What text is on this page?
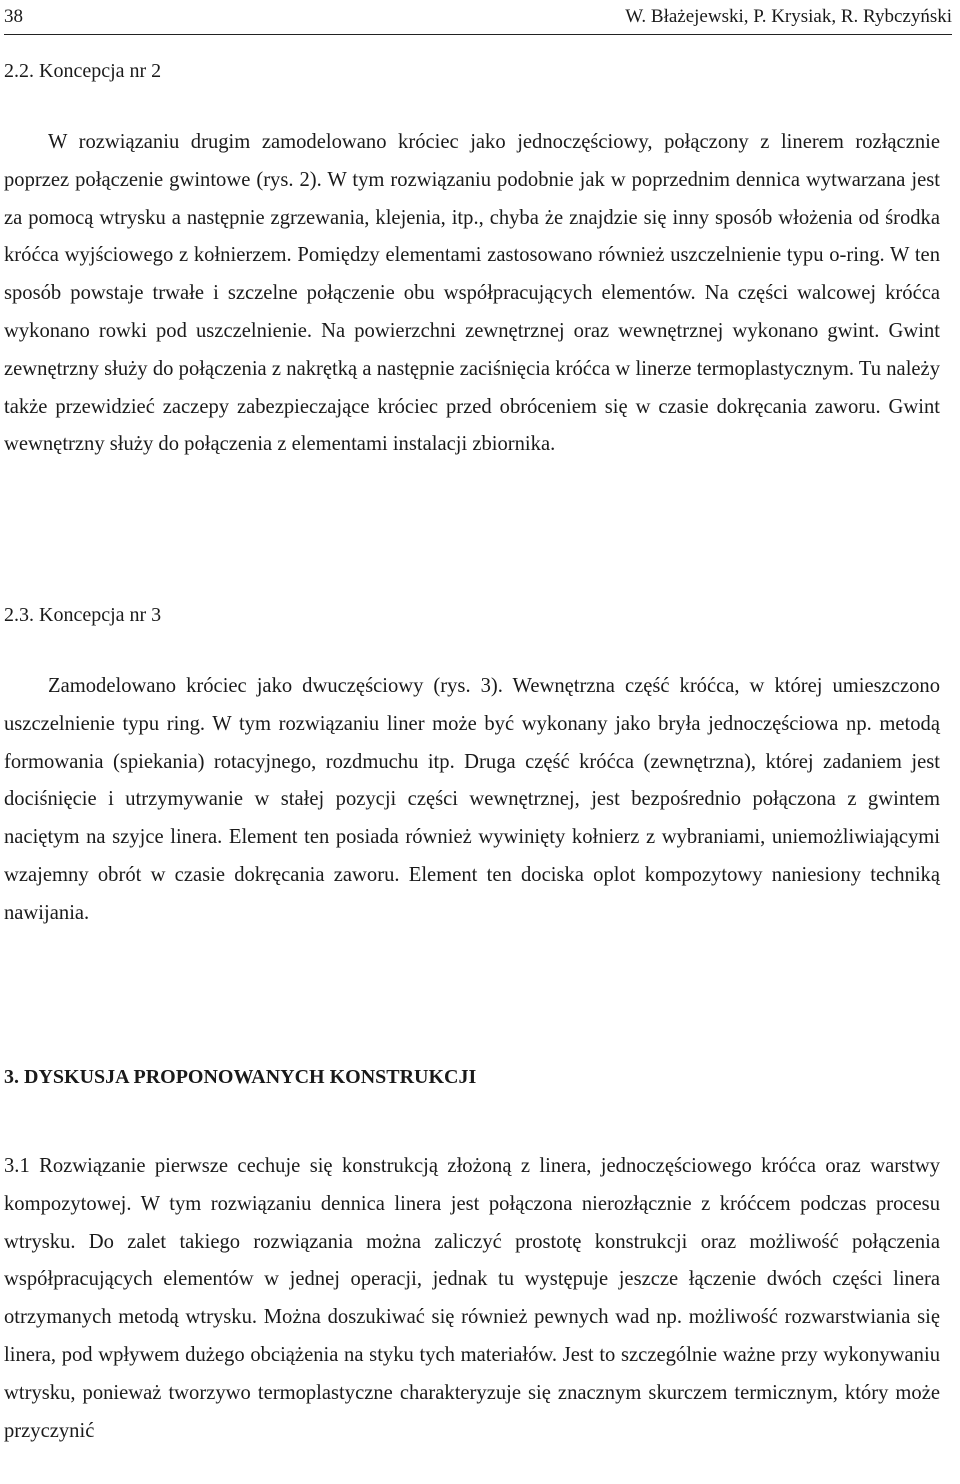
38	W. Błażejewski, P. Krysiak, R. Rybczyński
2.2. Koncepcja nr 2

W rozwiązaniu drugim zamodelowano króciec jako jednoczęściowy, połączony z linerem rozłącznie poprzez połączenie gwintowe (rys. 2). W tym rozwiązaniu podobnie jak w poprzednim dennica wytwarzana jest za pomocą wtrysku a następnie zgrzewania, klejenia, itp., chyba że znajdzie się inny sposób włożenia od środka króćca wyjściowego z kołnierzem. Pomiędzy elementami zastosowano również uszczelnienie typu o-ring. W ten sposób powstaje trwałe i szczelne połączenie obu współpracujących elementów. Na części walcowej króćca wykonano rowki pod uszczelnienie. Na powierzchni zewnętrznej oraz wewnętrznej wykonano gwint. Gwint zewnętrzny służy do połączenia z nakrętką a następnie zaciśnięcia króćca w linerze termoplastycznym. Tu należy także przewidzieć zaczepy zabezpieczające króciec przed obróceniem się w czasie dokręcania zaworu. Gwint wewnętrzny służy do połączenia z elementami instalacji zbiornika.

2.3. Koncepcja nr 3

Zamodelowano króciec jako dwuczęściowy (rys. 3). Wewnętrzna część króćca, w której umieszczono uszczelnienie typu ring. W tym rozwiązaniu liner może być wykonany jako bryła jednoczęściowa np. metodą formowania (spiekania) rotacyjnego, rozdmuchu itp. Druga część króćca (zewnętrzna), której zadaniem jest dociśnięcie i utrzymywanie w stałej pozycji części wewnętrznej, jest bezpośrednio połączona z gwintem naciętym na szyjce linera. Element ten posiada również wywinięty kołnierz z wybraniami, uniemożliwiającymi wzajemny obrót w czasie dokręcania zaworu. Element ten dociska oplot kompozytowy naniesiony techniką nawijania.

3. DYSKUSJA PROPONOWANYCH KONSTRUKCJI

3.1 Rozwiązanie pierwsze cechuje się konstrukcją złożoną z linera, jednoczęściowego króćca oraz warstwy kompozytowej. W tym rozwiązaniu dennica linera jest połączona nierozłącznie z króćcem podczas procesu wtrysku. Do zalet takiego rozwiązania można zaliczyć prostotę konstrukcji oraz możliwość połączenia współpracujących elementów w jednej operacji, jednak tu występuje jeszcze łączenie dwóch części linera otrzymanych metodą wtrysku. Można doszukiwać się również pewnych wad np. możliwość rozwarstwiania się linera, pod wpływem dużego obciążenia na styku tych materiałów. Jest to szczególnie ważne przy wykonywaniu wtrysku, ponieważ tworzywo termoplastyczne charakteryzuje się znacznym skurczem termicznym, który może przyczynić
